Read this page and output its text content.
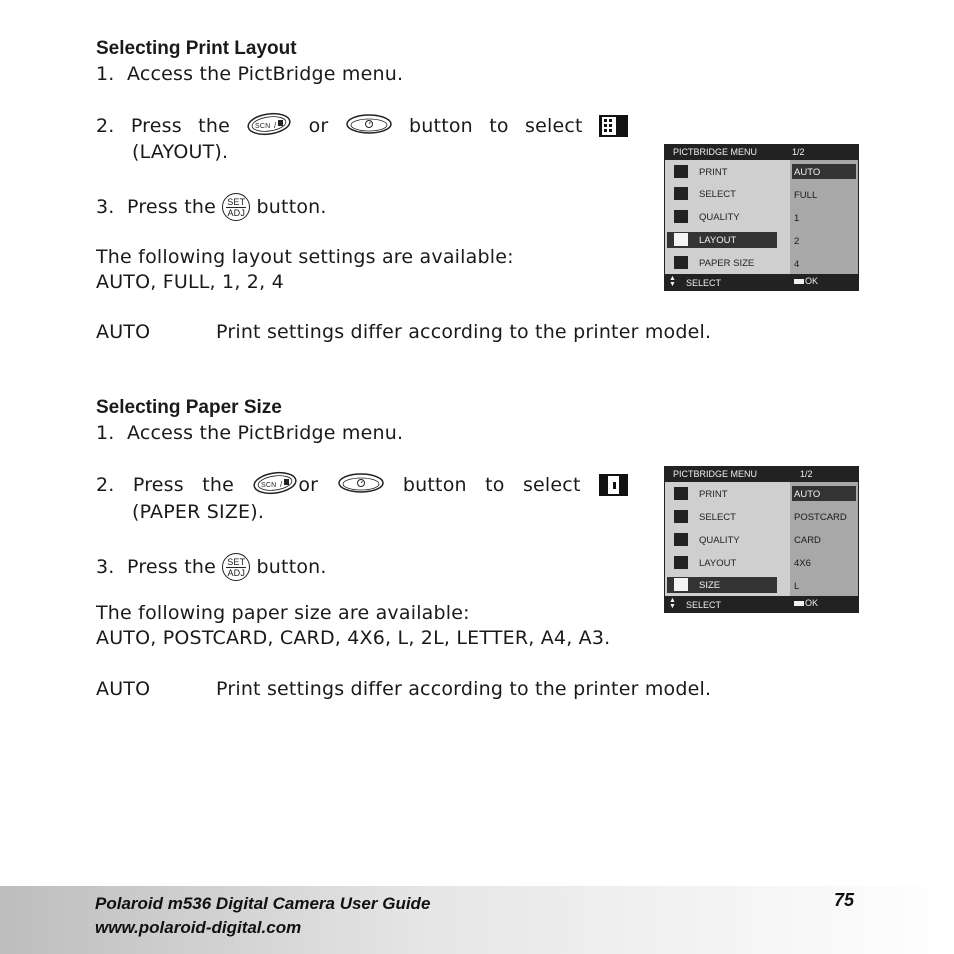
Selecting Print Layout
1. Access the PictBridge menu.
2. Press the	SCN / or	button to select
(LAYOUT).
3.
Press the
	SET
ADJ
button.
The following layout settings are available:
AUTO, FULL, 1, 2, 4
AUTO	Print settings differ according to the printer model.
PICTBRIDGE MENU	1/2
PRINT
SELECT
QUALITY
LAYOUT
PAPER SIZE
AUTO
FULL
1
2
4
▲
▼ SELECT	OK
Selecting Paper Size
1. Access the PictBridge menu.
2. Press the	SCN / or	button to select
(PAPER SIZE).
3.
Press the
	SET
ADJ
button.
The following paper size are available:
AUTO, POSTCARD, CARD, 4X6, L, 2L, LETTER, A4, A3.
AUTO	Print settings differ according to the printer model.
PICTBRIDGE MENU	1/2
PRINT
SELECT
QUALITY
LAYOUT
SIZE
AUTO
POSTCARD
CARD
4X6
L
▲
▼ SELECT	OK
Polaroid m536 Digital Camera User Guide
www.polaroid-digital.com
75
